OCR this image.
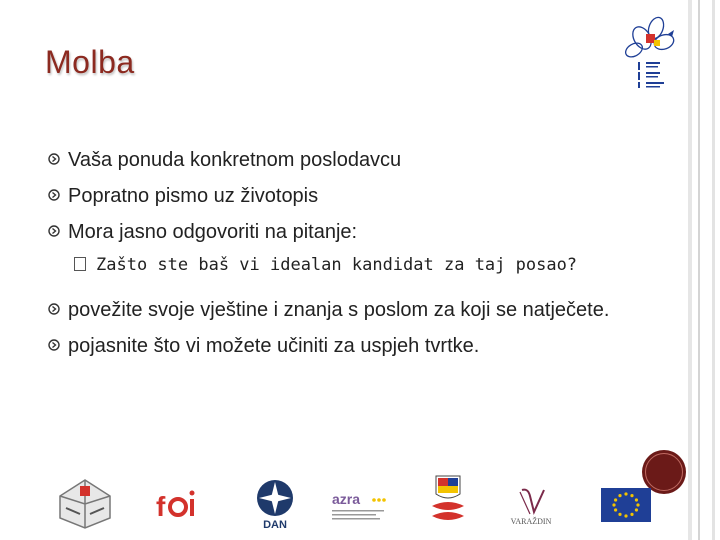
Molba
Vaša ponuda konkretnom poslodavcu
Popratno pismo uz životopis
Mora jasno odgovoriti na pitanje:
Zašto ste baš vi idealan kandidat za taj posao?
povežite svoje vještine i znanja s poslom za koji se natječete.
pojasnite što vi možete učiniti za uspjeh tvrtke.
f
DAN
azra
VARAŽDIN
